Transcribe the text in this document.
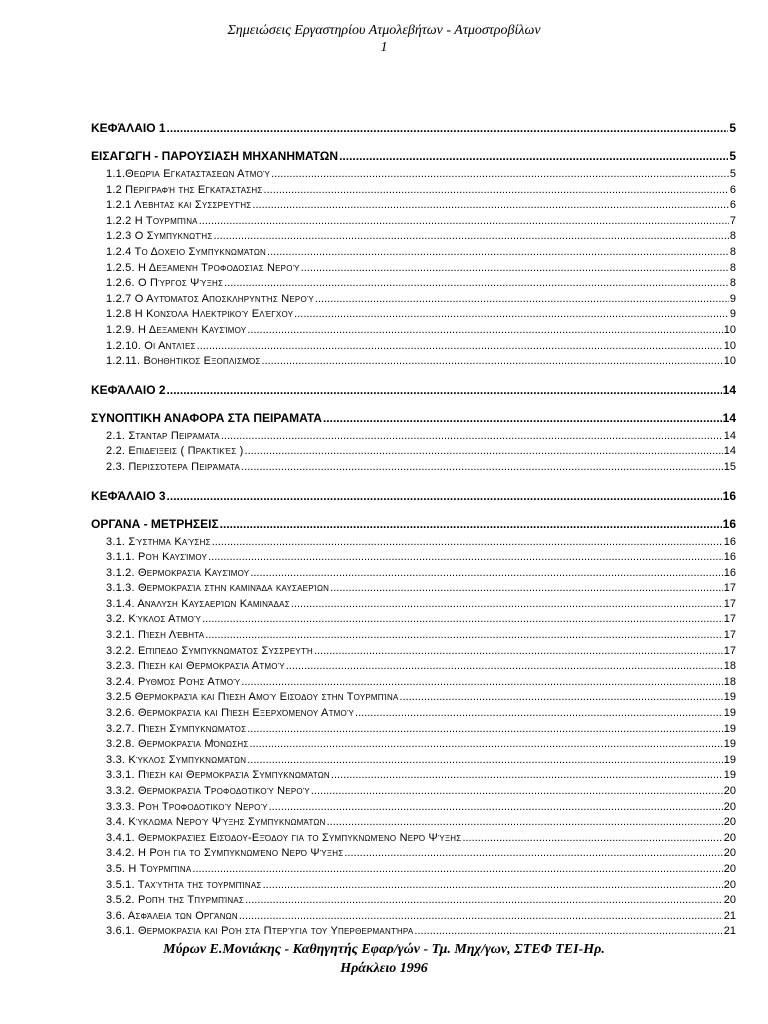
Σημειώσεις Εργαστηρίου Ατμολεβήτων - Ατμοστροβίλων
1
ΚΕΦΆΛΑΙΟ 1 .....	5
ΕΙΣΑΓΩΓΗ - ΠΑΡΟΥΣΙΑΣΗ ΜΗΧΑΝΗΜΑΤΩΝ .....	5
1.1.Θεωρία Εγκαταστάσεων Ατμού .....	5
1.2 Περιγραφή της Εγκατάστασης .....	6
1.2.1 Λέβητας και Συσσρευτής .....	6
1.2.2 Η Τουρμπίνα .....	7
1.2.3 Ο Συμπυκνωτής .....	8
1.2.4 Το Δοχείο Συμπυκνωμάτων .....	8
1.2.5. Η Δεξαμενή Τροφοδοσίας Νερού .....	8
1.2.6. Ο Πύργος Ψύξης .....	8
1.2.7 Ο Αυτόματος Αποσκληρυντής Νερού .....	9
1.2.8 Η Κονσόλα Ηλεκτρικού Ελέγχου .....	9
1.2.9. Η Δεξαμενή Καυσίμου .....	10
1.2.10. Οι Αντλίες .....	10
1.2.11. Βοηθητικός Εξοπλισμός .....	10
ΚΕΦΆΛΑΙΟ 2 .....	14
ΣΥΝΟΠΤΙΚΗ ΑΝΑΦΟΡΑ ΣΤΑ ΠΕΙΡΑΜΑΤΑ .....	14
2.1. Στάνταρ Πειράματα .....	14
2.2. Επιδείξεις ( Πρακτικές ) .....	14
2.3. Περισσότερα Πειράματα .....	15
ΚΕΦΆΛΑΙΟ 3 .....	16
ΟΡΓΑΝΑ - ΜΕΤΡΗΣΕΙΣ .....	16
3.1. Σύστημα Καύσης .....	16
3.1.1. Ροή Καυσίμου .....	16
3.1.2. Θερμοκρασία Καυσίμου .....	16
3.1.3. Θερμοκρασία στην καμινάδα καυσαερίων .....	17
3.1.4. Ανάλυση Καυσαερίων Καμινάδας .....	17
3.2. Κύκλος Ατμού .....	17
3.2.1. Πίεση Λέβητα .....	17
3.2.2. Επίπεδο Συμπυκνωματος Συσσρευτή .....	17
3.2.3. Πίεση και Θερμοκρασία Ατμού .....	18
3.2.4. Ρυθμός Ροής Ατμού .....	18
3.2.5 Θερμοκρασία και Πίεση Αμού Εισόδου στην Τουρμπίνα .....	19
3.2.6. Θερμοκρασία και Πίεση Εξερχόμενου Ατμού .....	19
3.2.7. Πίεση Συμπυκνωματος .....	19
3.2.8. Θερμοκρασία Μόνωσης .....	19
3.3. Κύκλος Συμπυκνωμάτων .....	19
3.3.1. Πίεση και Θερμοκρασία Συμπυκνωμάτων .....	19
3.3.2. Θερμοκρασία Τροφοδοτικού Νερού .....	20
3.3.3. Ροή Τροφοδοτικού Νερού .....	20
3.4. Κύκλωμα Νερού Ψύξης Συμπυκνωμάτων .....	20
3.4.1. Θερμοκρασίες Εισόδου-Εξόδου για το Συμπυκνωμένο Νερό Ψύξης .....	20
3.4.2. Η Ροή για το Συμπυκνωμένο Νερό Ψύξης .....	20
3.5. Η Τουρμπίνα .....	20
3.5.1. Ταχύτητα της τουρμπίνας .....	20
3.5.2. Ροπή της Τπυρμπίνας .....	20
3.6. Ασφάλεια των Οργάνων .....	21
3.6.1. Θερμοκρασία και Ροή στα Πτερύγια του Υπερθερμαντήρα .....	21
Μύρων Ε.Μονιάκης - Καθηγητής Εφαρ/γών - Τμ. Μηχ/γων, ΣΤΕΦ ΤΕΙ-Ηρ.
Ηράκλειο 1996
